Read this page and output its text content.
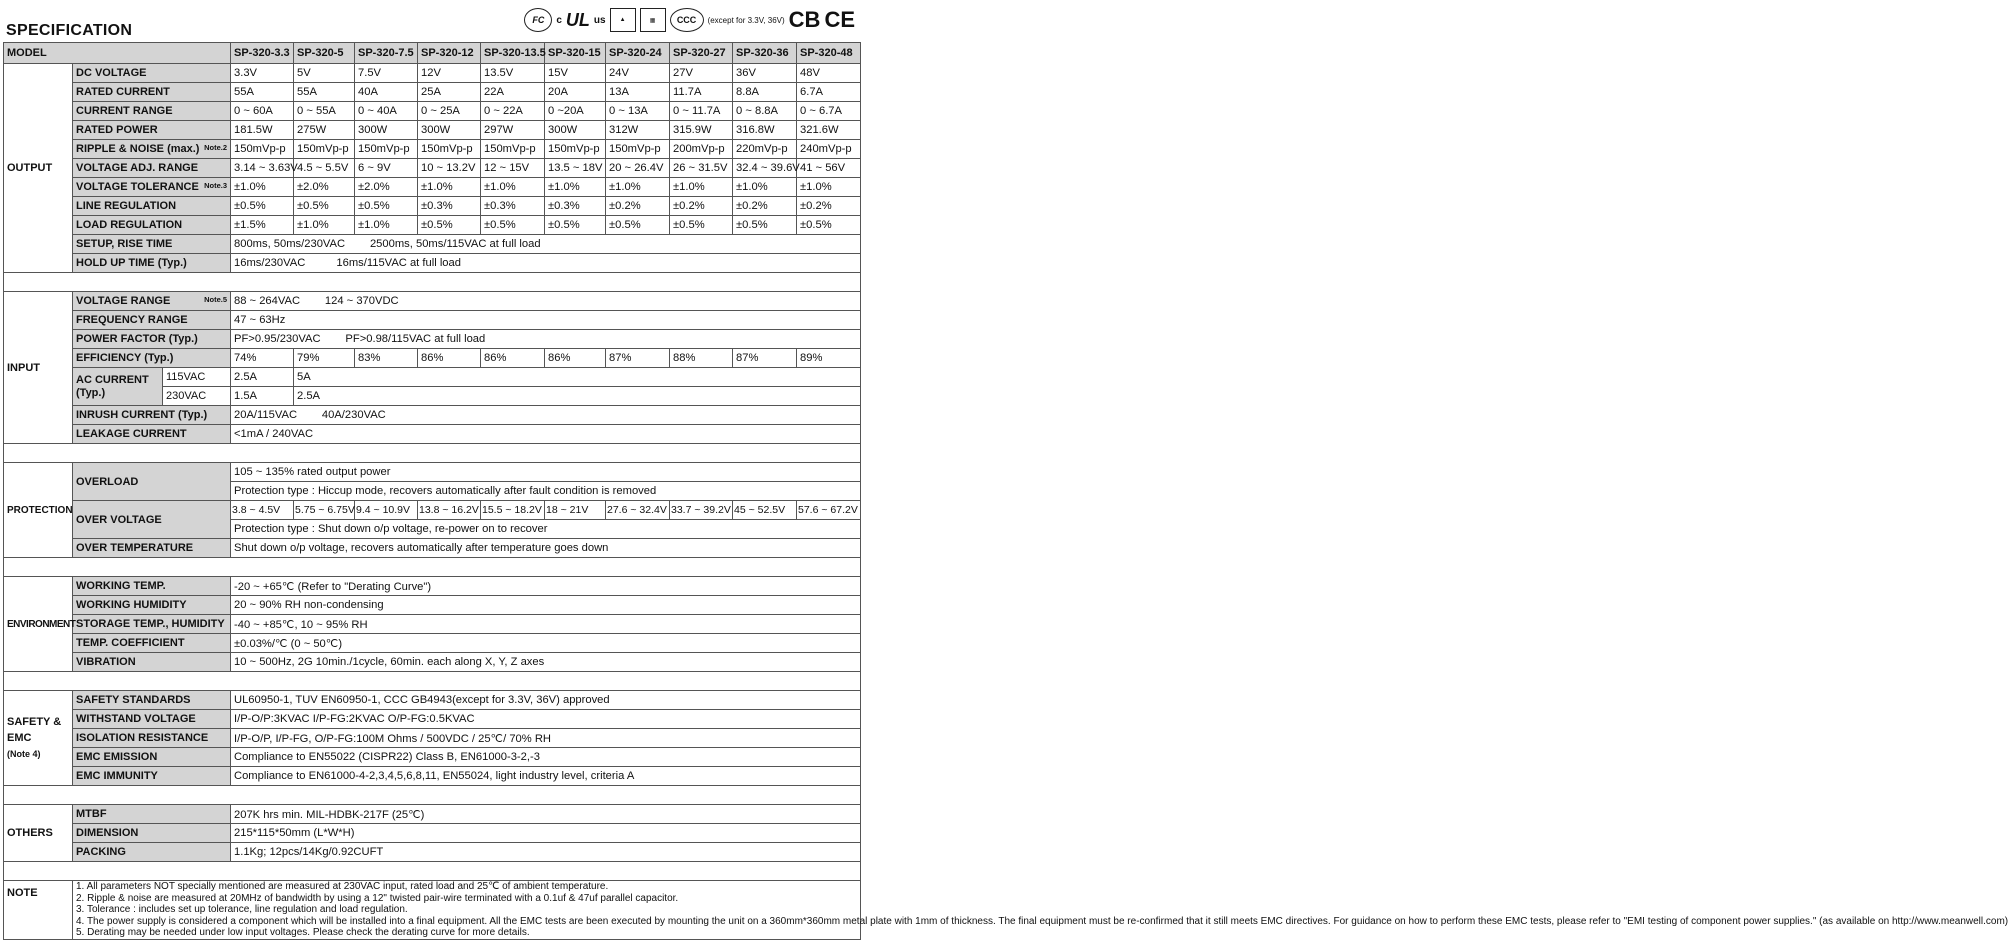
SPECIFICATION
FC	c UL us	▲	▦	CCC	(except for 3.3V, 36V) CB CE
MODEL			SP-320-3.3	SP-320-5	SP-320-7.5	SP-320-12	SP-320-13.5	SP-320-15	SP-320-24	SP-320-27	SP-320-36	SP-320-48
OUTPUT	DC VOLTAGE		3.3V	5V	7.5V	12V	13.5V	15V	24V	27V	36V	48V
	RATED CURRENT		55A	55A	40A	25A	22A	20A	13A	11.7A	8.8A	6.7A
	CURRENT RANGE		0 ~ 60A	0 ~ 55A	0 ~ 40A	0 ~ 25A	0 ~ 22A	0 ~20A	0 ~ 13A	0 ~ 11.7A	0 ~ 8.8A	0 ~ 6.7A
	RATED POWER		181.5W	275W	300W	300W	297W	300W	312W	315.9W	316.8W	321.6W
	RIPPLE & NOISE (max.) Note.2		150mVp-p	150mVp-p	150mVp-p	150mVp-p	150mVp-p	150mVp-p	150mVp-p	200mVp-p	220mVp-p	240mVp-p
	VOLTAGE ADJ. RANGE		3.14 ~ 3.63V	4.5 ~ 5.5V	6 ~ 9V	10 ~ 13.2V	12 ~ 15V	13.5 ~ 18V	20 ~ 26.4V	26 ~ 31.5V	32.4 ~ 39.6V	41 ~ 56V
	VOLTAGE TOLERANCE Note.3		±1.0%	±2.0%	±2.0%	±1.0%	±1.0%	±1.0%	±1.0%	±1.0%	±1.0%	±1.0%
	LINE REGULATION		±0.5%	±0.5%	±0.5%	±0.3%	±0.3%	±0.3%	±0.2%	±0.2%	±0.2%	±0.2%
	LOAD REGULATION		±1.5%	±1.0%	±1.0%	±0.5%	±0.5%	±0.5%	±0.5%	±0.5%	±0.5%	±0.5%
	SETUP, RISE TIME		800ms, 50ms/230VAC        2500ms, 50ms/115VAC at full load									
	HOLD UP TIME (Typ.)		16ms/230VAC          16ms/115VAC at full load									

INPUT	VOLTAGE RANGE Note.5		88 ~ 264VAC        124 ~ 370VDC									
	FREQUENCY RANGE		47 ~ 63Hz									
	POWER FACTOR (Typ.)		PF>0.95/230VAC        PF>0.98/115VAC at full load									
	EFFICIENCY (Typ.)		74%	79%	83%	86%	86%	86%	87%	88%	87%	89%
	AC CURRENT (Typ.)	115VAC	2.5A	5A								
		230VAC	1.5A	2.5A								
	INRUSH CURRENT (Typ.)		20A/115VAC        40A/230VAC									
	LEAKAGE CURRENT		<1mA / 240VAC									

PROTECTION	OVERLOAD		105 ~ 135% rated output power									
			Protection type : Hiccup mode, recovers automatically after fault condition is removed									
	OVER VOLTAGE		3.8 ~ 4.5V	5.75 ~ 6.75V	9.4 ~ 10.9V	13.8 ~ 16.2V	15.5 ~ 18.2V	18 ~ 21V	27.6 ~ 32.4V	33.7 ~ 39.2V	45 ~ 52.5V	57.6 ~ 67.2V
			Protection type : Shut down o/p voltage, re-power on to recover									
	OVER TEMPERATURE		Shut down o/p voltage, recovers automatically after temperature goes down									

ENVIRONMENT	WORKING TEMP.		-20 ~ +65℃ (Refer to "Derating Curve")									
	WORKING HUMIDITY		20 ~ 90% RH non-condensing									
	STORAGE TEMP., HUMIDITY		-40 ~ +85℃, 10 ~ 95% RH									
	TEMP. COEFFICIENT		±0.03%/℃ (0 ~ 50℃)									
	VIBRATION		10 ~ 500Hz, 2G 10min./1cycle, 60min. each along X, Y, Z axes									

SAFETY &
EMC
(Note 4)	SAFETY STANDARDS		UL60950-1, TUV EN60950-1, CCC GB4943(except for 3.3V, 36V) approved									
	WITHSTAND VOLTAGE		I/P-O/P:3KVAC I/P-FG:2KVAC O/P-FG:0.5KVAC									
	ISOLATION RESISTANCE		I/P-O/P, I/P-FG, O/P-FG:100M Ohms / 500VDC / 25℃/ 70% RH									
	EMC EMISSION		Compliance to EN55022 (CISPR22) Class B, EN61000-3-2,-3									
	EMC IMMUNITY		Compliance to EN61000-4-2,3,4,5,6,8,11, EN55024, light industry level, criteria A									

OTHERS	MTBF		207K hrs min. MIL-HDBK-217F (25℃)									
	DIMENSION		215*115*50mm (L*W*H)									
	PACKING		1.1Kg; 12pcs/14Kg/0.92CUFT									

NOTE	1. All parameters NOT specially mentioned are measured at 230VAC input, rated load and 25℃ of ambient temperature.
2. Ripple & noise are measured at 20MHz of bandwidth by using a 12" twisted pair-wire terminated with a 0.1uf & 47uf parallel capacitor.
3. Tolerance : includes set up tolerance, line regulation and load regulation.
4. The power supply is considered a component which will be installed into a final equipment. All the EMC tests are been executed by mounting the unit on a 360mm*360mm metal plate with 1mm of thickness. The final equipment must be re-confirmed that it still meets EMC directives. For guidance on how to perform these EMC tests, please refer to "EMI testing of component power supplies." (as available on http://www.meanwell.com)
5. Derating may be needed under low input voltages. Please check the derating curve for more details.											
